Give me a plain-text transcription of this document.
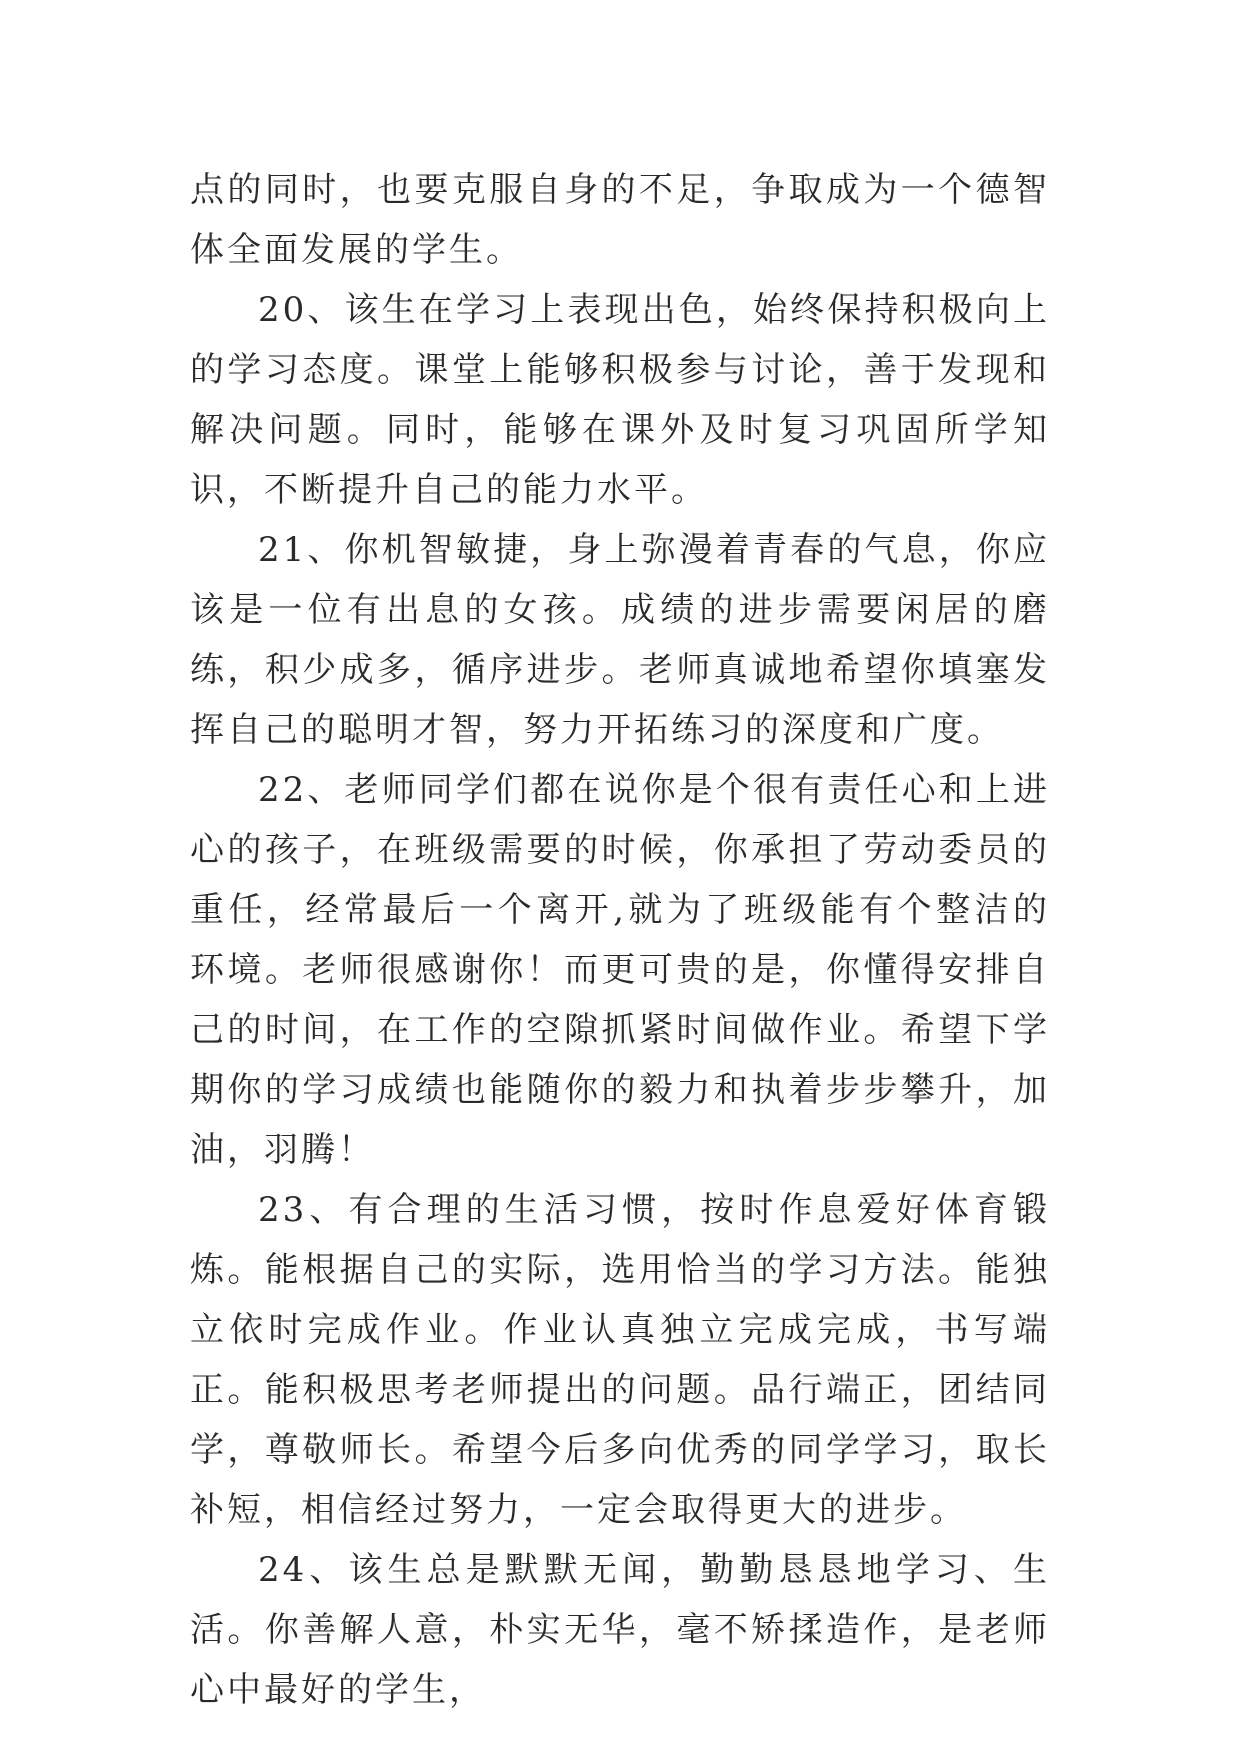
点的同时，也要克服自身的不足，争取成为一个德智体全面发展的学生。

20、该生在学习上表现出色，始终保持积极向上的学习态度。课堂上能够积极参与讨论，善于发现和解决问题。同时，能够在课外及时复习巩固所学知识，不断提升自己的能力水平。

21、你机智敏捷，身上弥漫着青春的气息，你应该是一位有出息的女孩。成绩的进步需要闲居的磨练，积少成多，循序进步。老师真诚地希望你填塞发挥自己的聪明才智，努力开拓练习的深度和广度。

22、老师同学们都在说你是个很有责任心和上进心的孩子，在班级需要的时候，你承担了劳动委员的重任，经常最后一个离开,就为了班级能有个整洁的环境。老师很感谢你！而更可贵的是，你懂得安排自己的时间，在工作的空隙抓紧时间做作业。希望下学期你的学习成绩也能随你的毅力和执着步步攀升，加油，羽腾！

23、有合理的生活习惯，按时作息爱好体育锻炼。能根据自己的实际，选用恰当的学习方法。能独立依时完成作业。作业认真独立完成完成，书写端正。能积极思考老师提出的问题。品行端正，团结同学，尊敬师长。希望今后多向优秀的同学学习，取长补短，相信经过努力，一定会取得更大的进步。

24、该生总是默默无闻，勤勤恳恳地学习、生活。你善解人意，朴实无华，毫不矫揉造作，是老师心中最好的学生，
